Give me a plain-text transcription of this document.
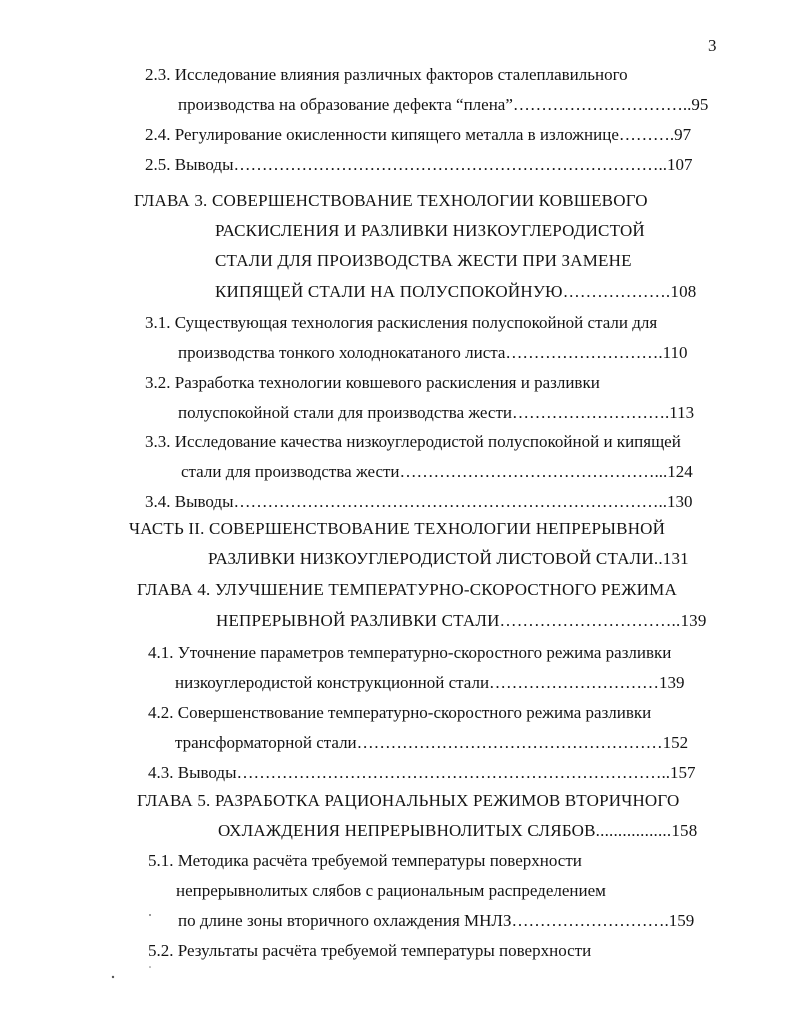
3
2.3. Исследование влияния различных факторов сталеплавильного
производства на образование дефекта “плена”…………………………..95
2.4. Регулирование окисленности кипящего металла в изложнице……….97
2.5. Выводы…………………………………………………………………..107
ГЛАВА 3. СОВЕРШЕНСТВОВАНИЕ ТЕХНОЛОГИИ КОВШЕВОГО
РАСКИСЛЕНИЯ И РАЗЛИВКИ НИЗКОУГЛЕРОДИСТОЙ
СТАЛИ ДЛЯ ПРОИЗВОДСТВА ЖЕСТИ ПРИ ЗАМЕНЕ
КИПЯЩЕЙ СТАЛИ НА ПОЛУСПОКОЙНУЮ……………….108
3.1. Существующая технология раскисления полуспокойной стали для
производства тонкого холоднокатаного листа……………………….110
3.2. Разработка технологии ковшевого раскисления и разливки
полуспокойной стали для производства жести……………………….113
3.3. Исследование качества низкоуглеродистой полуспокойной и кипящей
стали для производства жести………………………………………...124
3.4. Выводы…………………………………………………………………..130
ЧАСТЬ II. СОВЕРШЕНСТВОВАНИЕ ТЕХНОЛОГИИ НЕПРЕРЫВНОЙ
РАЗЛИВКИ НИЗКОУГЛЕРОДИСТОЙ ЛИСТОВОЙ СТАЛИ..131
ГЛАВА 4. УЛУЧШЕНИЕ ТЕМПЕРАТУРНО-СКОРОСТНОГО РЕЖИМА
НЕПРЕРЫВНОЙ РАЗЛИВКИ СТАЛИ…………………………..139
4.1. Уточнение параметров температурно-скоростного режима разливки
низкоуглеродистой конструкционной стали…………………………139
4.2. Совершенствование температурно-скоростного режима разливки
трансформаторной стали………………………………………………152
4.3. Выводы…………………………………………………………………..157
ГЛАВА 5. РАЗРАБОТКА РАЦИОНАЛЬНЫХ РЕЖИМОВ ВТОРИЧНОГО
ОХЛАЖДЕНИЯ НЕПРЕРЫВНОЛИТЫХ СЛЯБОВ.................158
5.1. Методика расчёта требуемой температуры поверхности
непрерывнолитых слябов с рациональным распределением
по длине зоны вторичного охлаждения МНЛЗ……………………….159
5.2. Результаты расчёта требуемой температуры поверхности
